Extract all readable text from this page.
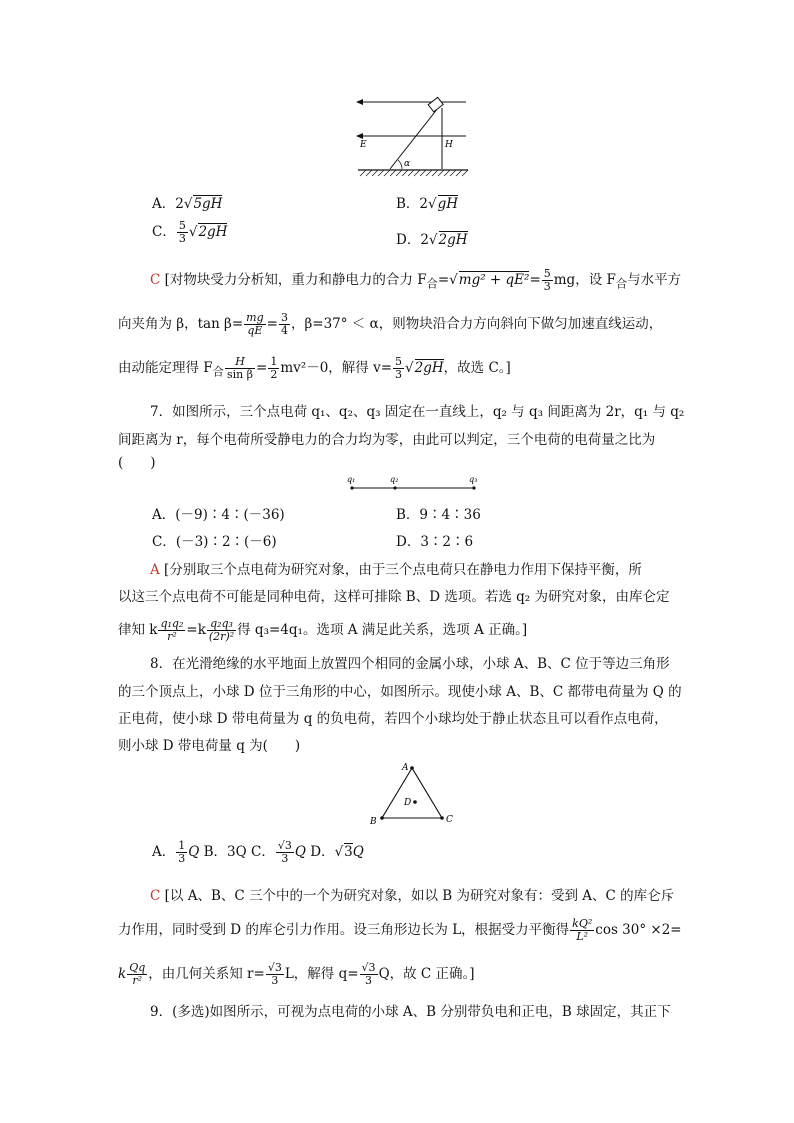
E	H
α
A．2√5gH	B．2√gH
C． $\frac{5}{3} √2gH$	D．2√2gH
C [对物块受力分析知，重力和静电力的合力 $F_合=√mg^2 + qE^2= \frac{5}{3}$ mg，设 $F_合$与水平方
向夹角为 β，$\tan \beta= \frac{mg}{qE} = \frac{3}{4}$ ，β=37° ＜ α，则物块沿合力方向斜向下做匀加速直线运动，
由动能定理得 $F_合 \frac{H}{\text{sin β}} = \frac{1}{2} mv^2-0$，解得 $v= \frac{5}{3} √2gH$，故选 C。]
7．如图所示，三个点电荷 q₁、q₂、q₃ 固定在一直线上，q₂ 与 q₃ 间距离为 2r，q₁ 与 q₂
间距离为 r，每个电荷所受静电力的合力均为零，由此可以判定，三个电荷的电荷量之比为
(　　)
q₁	q₂	q₃
A．(－9)∶4∶(－36)	B．9∶4∶36
C．(－3)∶2∶(－6)	D．3∶2∶6
A [分别取三个点电荷为研究对象，由于三个点电荷只在静电力作用下保持平衡，所
以这三个点电荷不可能是同种电荷，这样可排除 B、D 选项。若选 q₂ 为研究对象，由库仑定
律知 k $\frac{\text{q₁q₂}}{\text{r²}} =k \frac{\text{q₂q₃}}{\text{(2r)²}}$ 得 q₃=4q₁。选项 A 满足此关系，选项 A 正确。]
8．在光滑绝缘的水平地面上放置四个相同的金属小球，小球 A、B、C 位于等边三角形
的三个顶点上，小球 D 位于三角形的中心，如图所示。现使小球 A、B、C 都带电荷量为 Q 的
正电荷，使小球 D 带电荷量为 q 的负电荷，若四个小球均处于静止状态且可以看作点电荷，
则小球 D 带电荷量 q 为(　　)
A
B	C
D
A． $\frac{1}{3}$ Q B．3Q C． $\frac{√3}{3}$ Q D．√3Q
C [以 A、B、C 三个中的一个为研究对象，如以 B 为研究对象有：受到 A、C 的库仑斥
力作用，同时受到 D 的库仑引力作用。设三角形边长为 L，根据受力平衡得 $\frac{\text{kQ²}}{\text{L²}}$ cos 30° ×2=
k $\frac{Qq}{\text{r²}}$ ，由几何关系知 $r= \frac{√3}{3}$ L，解得 $q= \frac{√3}{3}$ Q，故 C 正确。]
9．(多选)如图所示，可视为点电荷的小球 A、B 分别带负电和正电，B 球固定，其正下
